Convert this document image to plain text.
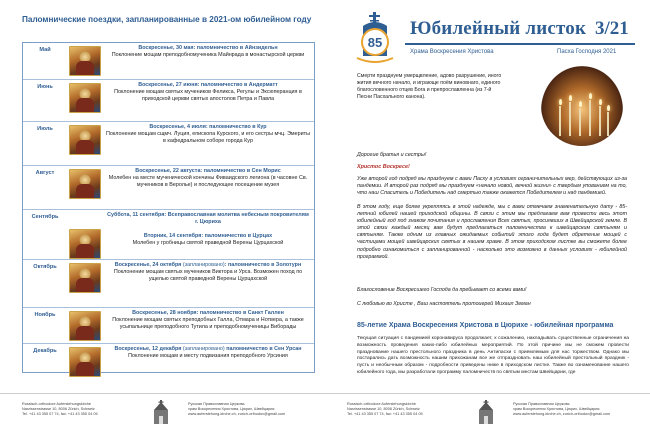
Паломнические поездки, запланированные в 2021-ом юбилейном году
Май	Воскресенье, 30 мая: паломничество в Айнзидельн
Поклонение мощам преподобномученика Майнрада в монастырской церкви
Июнь	Воскресенье, 27 июня: паломничество в Андерматт
Поклонение мощам святых мучеников Феликса, Регулы и Эксюперанция в приходской церкви святых апостолов Петра и Павла
Июль	Воскресенье, 4 июля: паломничество в Кур
Поклонение мощам сщмч. Луция, епископа Курского, и его сестры мчц. Эмериты в кафедральном соборе города Кур
Август	Воскресенье, 22 августа: паломничество в Сен Морис
Молебен на месте мученической кончины Фиваидского легиона (в часовне Св. мучеников в Верольe) и последующее посещение музея
Сентябрь	Суббота, 11 сентября: Всеправославная молитва небесным покровителям г. Цюриха
Вторник, 14 сентября: паломничество в Цурцах
Молебен у гробницы святой праведной Верены Цурцахской
Октябрь	Воскресенье, 24 октября (запланировано): паломничество в Золотурн
Поклонение мощам святых мучеников Виктора и Урса. Возможен поход по ущелью святой праведной Верены Цурцахской
Ноябрь	Воскресенье, 28 ноября: паломничество в Санкт Галлен
Поклонение мощам святых преподобных Галла, Отмара и Нотвера, а также усыпальнице преподобного Тутила и преподобномученицы Виборады
Декабрь	Воскресенье, 12 декабря (запланировано) паломничество в Сен Урсан
Поклонение мощам и месту подвизания преподобного Урсиния
Russisch-orthodoxe Auferstehungskirche
Narzissenstrasse 10, 8006 Zürich, Schweiz
Tel. +41 43 355 07 74, fax: +41 43 355 04 05
Русская Православная Церковь
храм Воскресения Христова, Цюрих, Швейцария
www.auferstehung-kirche.ch, zurich-orthodox@gmail.com
85
Юбилейный листок 3/21
Храма Воскресения Христова	Пасха Господня 2021
Смерти празднуем умерщвление, адово разрушение, иного жития вечного начало, и играюще поём виновнаго, единого благословенного отцев Бога и препрославленна (из 7-й Песни Пасхального канона).
Дорогие братья и сестры!
Христос Воскресе!
Уже второй год подряд мы празднуем с вами Пасху в условиях ограничительных мер, действующих из-за пандемии. И второй раз подряд мы празднуем «начало новой, вечной жизни» с твердым упованием на то, что наш Спаситель и Победитель над смертью также окажется Победителем и над пандемией.
В этом году, еще более укрепляясь в этой надежде, мы с вами отмечаем знаменательную дату - 85-летний юбилей нашей приходской общины. В связи с этим мы предлагаем вам провести весь этот юбилейный год под знаком почитания и прославления Всех святых, просиявших в Швейцарской земле. В этой связи каждый месяц вам будут предлагаться паломничества к швейцарским святыням и святыням. Также одним из главных ожидаемых событий этого года будет обретение мощей с частицами мощей швейцарских святых в нашем храме. В этом приходском листке вы сможете более подробно ознакомиться с запланированной - насколько это возможно в данных условиях - юбилейной программой.
Благословение Воскресшего Господа да пребывает со всеми вами!
С любовью во Христе , Ваш настоятель протоиерей Михаил Земан
85-летие Храма Воскресения Христова в Цюрихе - юбилейная программа
Текущая ситуация с пандемией коронавируса продолжает, к сожалению, накладывать существенные ограничения на возможность проведения каких-либо юбилейных мероприятий. По этой причине мы не сможем провести празднование нашего престольного праздника в день Антипасхи с приемлемым для нас торжеством. Однако мы постарались дать возможность нашим прихожанам все же отпраздновать наш юбилейный престольный праздник - пусть и необычным образом - подробности приведены ниже в приходском листке. Также во ознаменование нашего юбилейного года, мы разработали программу паломничеств по святым местам Швейцарии, где
Russisch-orthodoxe Auferstehungskirche
Narzissenstrasse 10, 8006 Zürich, Schweiz
Tel. +41 43 355 07 74, fax: +41 43 355 04 05
Русская Православная Церковь
храм Воскресения Христова, Цюрих, Швейцария
www.auferstehung-kirche.ch, zurich-orthodox@gmail.com
